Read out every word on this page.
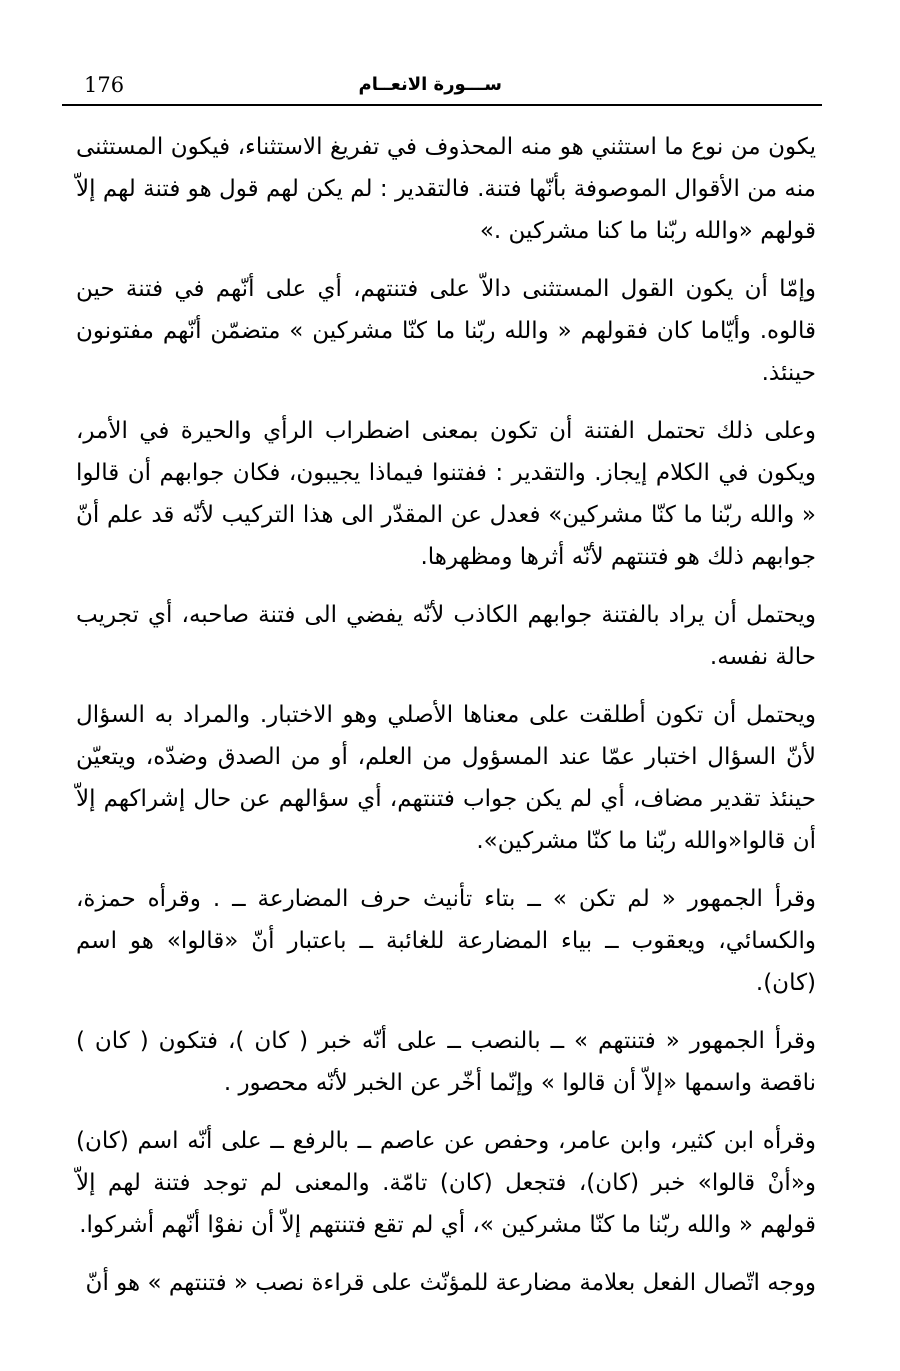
176	ســـورة الانعــام

يكون من نوع ما استثني هو منه المحذوف في تفريغ الاستثناء، فيكون المستثنى منه من الأقوال الموصوفة بأنّها فتنة. فالتقدير : لم يكن لهم قول هو فتنة لهم إلاّ قولهم «والله ربّنا ما كنا مشركين .»

وإمّا أن يكون القول المستثنى دالاّ على فتنتهم، أي على أنّهم في فتنة حين قالوه. وأيّاما كان فقولهم « والله ربّنا ما كنّا مشركين » متضمّن أنّهم مفتونون حينئذ.

وعلى ذلك تحتمل الفتنة أن تكون بمعنى اضطراب الرأي والحيرة في الأمر، ويكون في الكلام إيجاز. والتقدير : ففتنوا فيماذا يجيبون، فكان جوابهم أن قالوا « والله ربّنا ما كنّا مشركين» فعدل عن المقدّر الى هذا التركيب لأنّه قد علم أنّ جوابهم ذلك هو فتنتهم لأنّه أثرها ومظهرها.

ويحتمل أن يراد بالفتنة جوابهم الكاذب لأنّه يفضي الى فتنة صاحبه، أي تجريب حالة نفسه.

ويحتمل أن تكون أطلقت على معناها الأصلي وهو الاختبار. والمراد به السؤال لأنّ السؤال اختبار عمّا عند المسؤول من العلم، أو من الصدق وضدّه، ويتعيّن حينئذ تقدير مضاف، أي لم يكن جواب فتنتهم، أي سؤالهم عن حال إشراكهم إلاّ أن قالوا«والله ربّنا ما كنّا مشركين».

وقرأ الجمهور « لم تكن » ــ بتاء تأنيث حرف المضارعة ــ . وقرأه حمزة، والكسائي، ويعقوب ــ بياء المضارعة للغائبة ــ باعتبار أنّ «قالوا» هو اسم (كان).

وقرأ الجمهور « فتنتهم » ــ بالنصب ــ على أنّه خبر ( كان )، فتكون ( كان ) ناقصة واسمها «إلاّ أن قالوا » وإنّما أخّر عن الخبر لأنّه محصور .

وقرأه ابن كثير، وابن عامر، وحفص عن عاصم ــ بالرفع ــ على أنّه اسم (كان) و«أنْ قالوا» خبر (كان)، فتجعل (كان) تامّة. والمعنى لم توجد فتنة لهم إلاّ قولهم « والله ربّنا ما كنّا مشركين »، أي لم تقع فتنتهم إلاّ أن نفوْا أنّهم أشركوا.

ووجه اتّصال الفعل بعلامة مضارعة للمؤنّث على قراءة نصب « فتنتهم » هو أنّ
